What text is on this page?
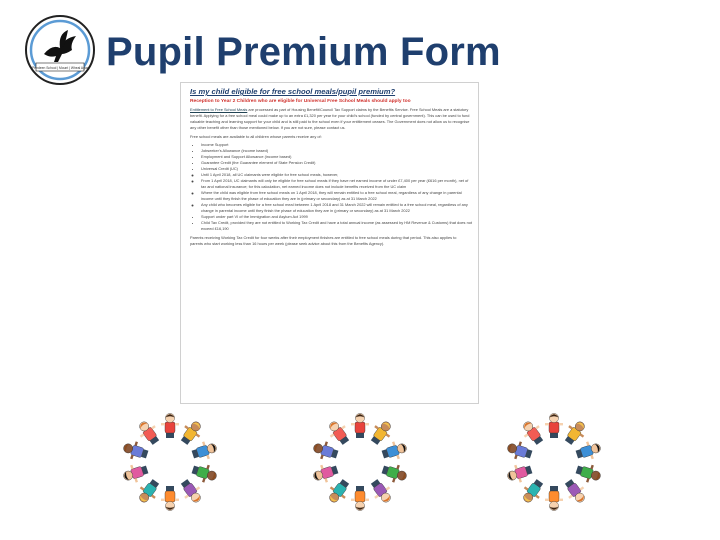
Pendeen School | Mount | Wheal Agar Pupil Premium Form
Is my child eligible for free school meals/pupil premium?
Reception to Year 2 Children who are eligible for Universal Free School Meals should apply too
Entitlement to Free School Meals are processed as part of Housing Benefit/Council Tax Support claims by the Benefits Service. Free School Meals are a statutory benefit. Applying for a free school meal could make up to an extra £1,320 per year for your child's school (funded by central government). This can be used to fund valuable teaching and learning support for your child and is still paid to the school even if your entitlement ceases. The Government does not allow us to recognise any other benefit other than those mentioned below. If you are not sure, please contact us.
Free school meals are available to all children whose parents receive any of:
• Income Support
• Jobseeker's Allowance (income based)
• Employment and Support Allowance (income based)
• Guarantee Credit (the Guarantee element of State Pension Credit)
• Universal Credit (UC)
◦ Until 1 April 2018, all UC claimants were eligible for free school meals, however,
◦ From 1 April 2018, UC claimants will only be eligible for free school meals if they have net earned income of under £7,400 per year (£616 per month), net of tax and national insurance; for this calculation, net earned income does not include benefits received from the UC claim
◦ Where the child was eligible from free school meals on 1 April 2018, they will remain entitled to a free school meal, regardless of any change in parental income until they finish the phase of education they are in (primary or secondary) as at 31 March 2022
◦ Any child who becomes eligible for a free school meal between 1 April 2018 and 31 March 2022 will remain entitled to a free school meal, regardless of any change in parental income until they finish the phase of education they are in (primary or secondary) as at 31 March 2022
• Support under part VI of the Immigration and Asylum Act 1999
• Child Tax Credit, provided they are not entitled to Working Tax Credit and have a total annual income (as assessed by HM Revenue & Customs) that does not exceed £16,190
Parents receiving Working Tax Credit for four weeks after their employment finishes are entitled to free school meals during that period. This also applies to parents who start working less than 16 hours per week (please seek advice about this from the Benefits Agency).
